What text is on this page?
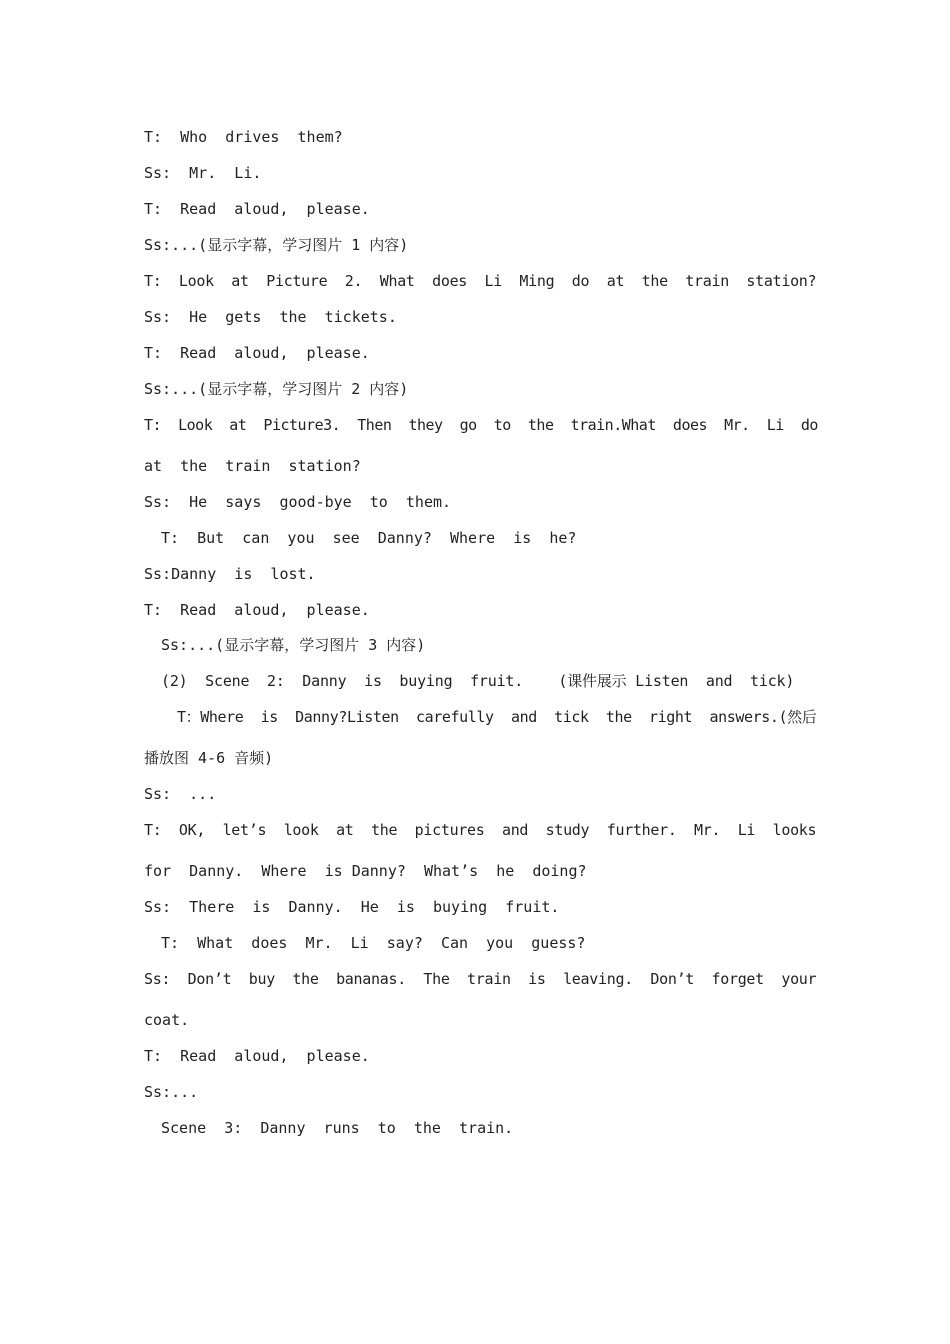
T:  Who  drives  them?
Ss:  Mr.  Li.
T:  Read  aloud,  please.
Ss:...(显示字幕，学习图片 1 内容)
T:  Look  at  Picture  2.  What  does  Li  Ming  do  at  the  train  station?
Ss:  He  gets  the  tickets.
T:  Read  aloud,  please.
Ss:...(显示字幕，学习图片 2 内容)
T:  Look  at  Picture3.  Then  they  go  to  the  train.What  does  Mr.  Li  do
at  the  train  station?
Ss:  He  says  good-bye  to  them.
T:  But  can  you  see  Danny?  Where  is  he?
Ss:Danny  is  lost.
T:  Read  aloud,  please.
Ss:...(显示字幕，学习图片 3 内容)
(2)  Scene  2:  Danny  is  buying  fruit.    (课件展示 Listen  and  tick)
T：Where  is  Danny?Listen  carefully  and  tick  the  right  answers.(然后
播放图 4-6 音频)
Ss:  ...
T:  OK,  let’s  look  at  the  pictures  and  study  further.  Mr.  Li  looks
for  Danny.  Where  is Danny?  What’s  he  doing?
Ss:  There  is  Danny.  He  is  buying  fruit.
T:  What  does  Mr.  Li  say?  Can  you  guess?
Ss:  Don’t  buy  the  bananas.  The  train  is  leaving.  Don’t  forget  your
coat.
T:  Read  aloud,  please.
Ss:...
Scene  3:  Danny  runs  to  the  train.
